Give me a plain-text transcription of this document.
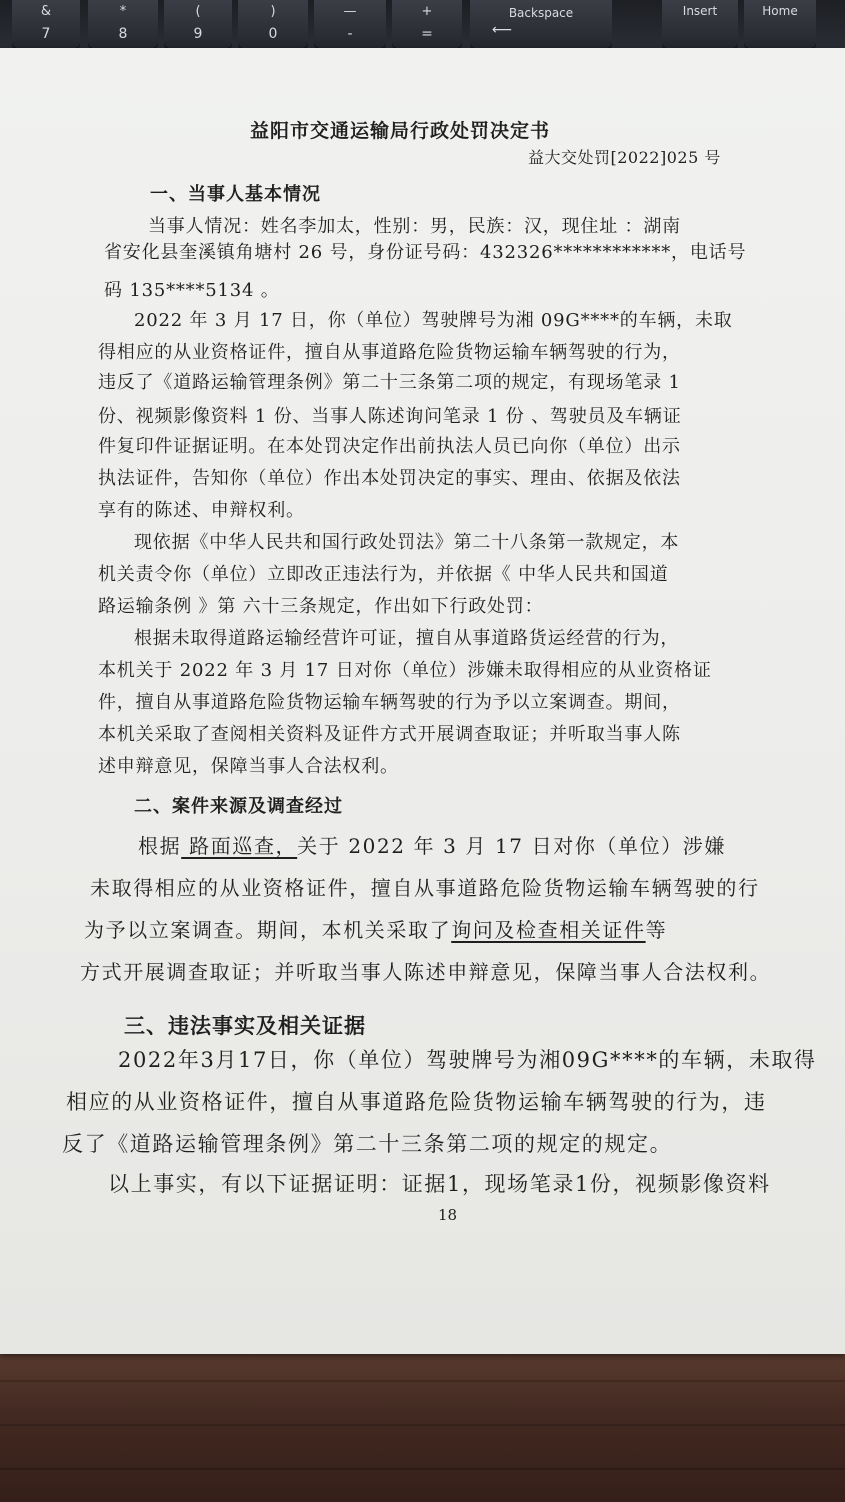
&
7
*
8
(
9
)
0
—
-
+
=
Backspace
⟵
Insert	Home
益阳市交通运输局行政处罚决定书
益大交处罚[2022]025 号
一、当事人基本情况
当事人情况：姓名李加太，性别：男，民族：汉，现住址 ：湖南
省安化县奎溪镇角塘村 26 号，身份证号码：432326************，电话号
码 135****5134 。
2022 年 3 月 17 日，你（单位）驾驶牌号为湘 09G****的车辆，未取
得相应的从业资格证件，擅自从事道路危险货物运输车辆驾驶的行为，
违反了《道路运输管理条例》第二十三条第二项的规定，有现场笔录 1
份、视频影像资料 1 份、当事人陈述询问笔录 1 份 、驾驶员及车辆证
件复印件证据证明。在本处罚决定作出前执法人员已向你（单位）出示
执法证件，告知你（单位）作出本处罚决定的事实、理由、依据及依法
享有的陈述、申辩权利。
现依据《中华人民共和国行政处罚法》第二十八条第一款规定，本
机关责令你（单位）立即改正违法行为，并依据《 中华人民共和国道
路运输条例 》第 六十三条规定，作出如下行政处罚：
根据未取得道路运输经营许可证，擅自从事道路货运经营的行为，
本机关于 2022 年 3 月 17 日对你（单位）涉嫌未取得相应的从业资格证
件，擅自从事道路危险货物运输车辆驾驶的行为予以立案调查。期间，
本机关采取了查阅相关资料及证件方式开展调查取证；并听取当事人陈
述申辩意见，保障当事人合法权利。
二、案件来源及调查经过
根据 路面巡查，关于 2022 年 3 月 17 日对你（单位）涉嫌
未取得相应的从业资格证件，擅自从事道路危险货物运输车辆驾驶的行
为予以立案调查。期间，本机关采取了询问及检查相关证件等
方式开展调查取证；并听取当事人陈述申辩意见，保障当事人合法权利。
三、违法事实及相关证据
2022年3月17日，你（单位）驾驶牌号为湘09G****的车辆，未取得
相应的从业资格证件，擅自从事道路危险货物运输车辆驾驶的行为，违
反了《道路运输管理条例》第二十三条第二项的规定的规定。
以上事实，有以下证据证明：证据1，现场笔录1份，视频影像资料
18
